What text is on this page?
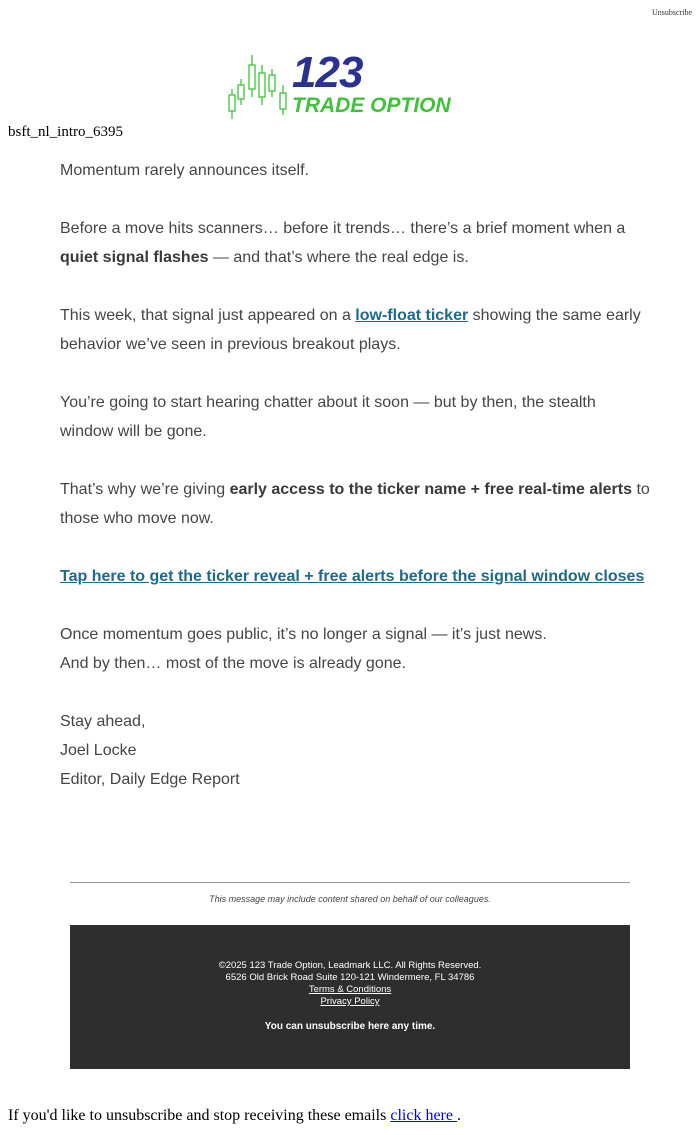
Unsubscribe
123
TRADE OPTION
bsft_nl_intro_6395

Momentum rarely announces itself.

Before a move hits scanners… before it trends… there’s a brief moment when a quiet signal flashes — and that’s where the real edge is.

This week, that signal just appeared on a low-float ticker showing the same early behavior we’ve seen in previous breakout plays.

You’re going to start hearing chatter about it soon — but by then, the stealth window will be gone.

That’s why we’re giving early access to the ticker name + free real-time alerts to those who move now.

Tap here to get the ticker reveal + free alerts before the signal window closes

Once momentum goes public, it’s no longer a signal — it’s just news.
And by then… most of the move is already gone.

Stay ahead,
Joel Locke
Editor, Daily Edge Report

This message may include content shared on behalf of our colleagues.
©2025 123 Trade Option, Leadmark LLC. All Rights Reserved.
6526 Old Brick Road Suite 120-121 Windermere, FL 34786
Terms & Conditions
Privacy Policy
You can unsubscribe here any time.
If you'd like to unsubscribe and stop receiving these emails click here .
